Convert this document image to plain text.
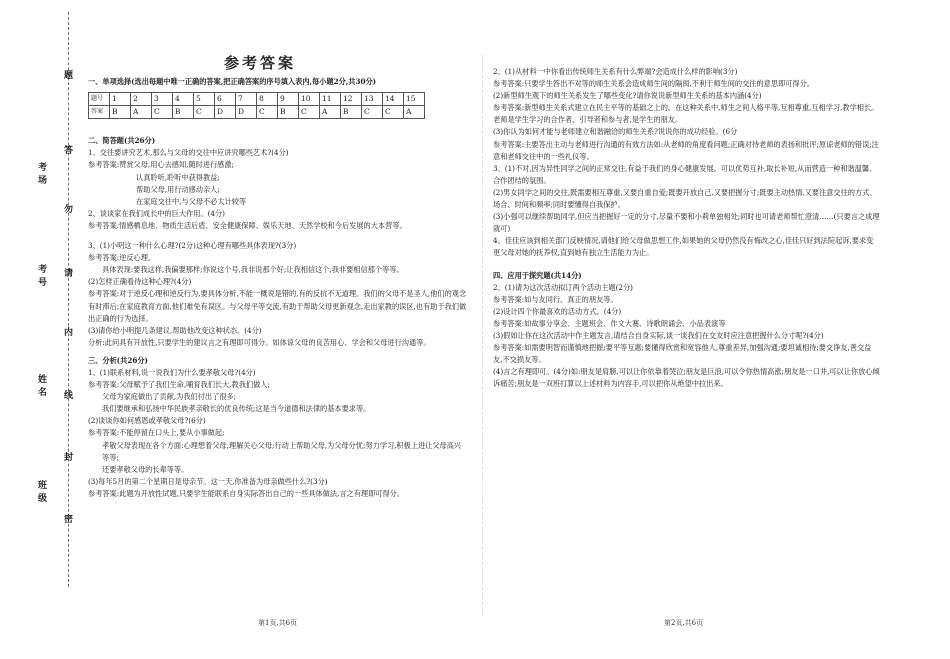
题
答
勿
请
内
线
封
密
考场
考号
姓名
班级
参考答案
一、单项选择(选出每题中唯一正确的答案,把正确答案的序号填入表内,每小题2分,共30分)
题号	1	2	3	4	5	6	7	8	9	10	11	12	13	14	15
答案	B	A	C	B	C	D	D	C	B	C	A	B	C	C	A
二、简答题(共26分)
1、交往要讲究艺术,那么与父母的交往中应讲究哪些艺术?(4分)
参考答案:赞赏父母,用心去感知,随时进行感激;
认真聆听,聆听中获得教益;
帮助父母,用行动感动亲人;
在家庭交往中,与父母不必太计较等
2、谈谈家在我们成长中的巨大作用。(4分)
参考答案:情感栖息地、物质生活后盾、安全健康保障、娱乐天地、天然学校和今后发展的大本营等。
3、(1)小明这一种什么心理?(2分)这种心理有哪些具体表现?(3分)
参考答案:逆反心理。
具体表现:要我这样,我偏要那样;你说这个号,我非说那个好;让我相信这个,我非要相信那个等等。
(2)怎样正确看待这种心理?(4分)
参考答案:对于逆反心理和逆反行为,要具体分析,不能一概说是错的,有的反抗不无道理。我们的父母不是圣人,他们的观念有时滞后;在家庭教育方面,他们难免有误区。与父母平等交流,有助于帮助父母更新观念,走出家教的误区,也有助于我们做出正确的行为选择。
(3)请你给小明提几条建议,帮助他改变这种状态。(4分)
分析:此问具有开放性,只要学生的建议言之有理即可得分。如体谅父母的良苦用心、学会和父母进行沟通等。
三、分析(共26分)
1、(1)联系材料,说一说我们为什么要孝敬父母?(4分)
参考答案:父母赋予了我们生命,哺育我们长大,教我们做人;
父母为家庭做出了贡献,为我们付出了很多;
我们要继承和弘扬中华民族孝亲敬长的优良传统;这是当今道德和法律的基本要求等。
(2)谈谈你如何感恩或孝敬父母?(6分)
参考答案:不能停留在口头上,要从小事做起;
孝敬父母表现在各个方面:心理想着父母,理解关心父母;行动上帮助父母,为父母分忧;努力学习,积极上进让父母高兴等等;
还要孝敬父母的长辈等等。
(3)每年5月的第二个星期日是母亲节。这一天,你准备为母亲做些什么?(3分)
参考答案:此题为开放性试题,只要学生能联系自身实际答出自己的一些具体做法,言之有理即可得分。
2、(1)从材料一中你看出传统师生关系有什么弊端?会造成什么样的影响(3分)
参考答案:只要学生答出不对等的师生关系会造成师生间的隔阂,不利于师生间的交往的意思即可得分。
(2)新型师生观下的师生关系发生了哪些变化?请你说说新型师生关系的基本内涵(4分)
参考答案:新型师生关系式建立在民主平等的基础之上的。在这种关系中,师生之间人格平等,互相尊重,互相学习,教学相长。老师是学生学习的合作者、引导者和参与者,是学生的朋友。
(3)你认为如何才能与老师建立和谐融洽的师生关系?说说你的成功经验。(6分
参考答案:主要答出主动与老师进行沟通的有效方法如:从老师的角度看问题;正确对待老师的表扬和批评;原谅老师的错误;注意和老师交往中的一些礼仪等。
3、(1)不对,因为异性同学之间的正常交往,有益于我们的身心健康发展。可以优势互补,取长补短,从而营造一种和谐温馨、合作团结的氛围。
(2)男女同学之间的交往,既需要相互尊重,又要自重自爱;既要开放自己,又要把握分寸;既要主动热情,又要注意交往的方式、场合、时间和频率;同时要懂得自我保护。
(3)小强可以继续帮助同学,但应当把握好一定的分寸,尽量不要和小莉单独相处;同时也可请老师帮忙澄清……(只要言之成理就可)
4、佳佳应该到相关部门反映情况,请他们给父母做思想工作,如果她的父母仍然没有悔改之心,佳佳只好到法院起诉,要求变更父母对她的抚养权,直到她有独立生活能力为止。
四、应用于探究题(共14分)
2、(1)请为这次活动拟订两个活动主题(2分)
参考答案:如与友同行、真正的朋友等。
(2)设计四个你最喜欢的活动方式。(4分)
参考答案:如故事分享会、主题班会、作文大赛、诗歌朗诵会、小品表演等
(3)假如让你在这次活动中作主题发言,请结合自身实际,谈一谈我们在交友时应注意把握什么分寸呢?(4分)
参考答案:如需要明智而谨慎地把握;要平等互惠;要懂得欣赏和宽容他人,尊重差异,加强沟通;要坦诚相待;要交诤友,善交益友,不交损友等。
(4)言之有理即可。(4分)如:朋友是肩膀,可以让你依靠着哭泣;朋友是巨浪,可以令你热情高涨;朋友是一口井,可以让你放心倾诉痛苦;朋友是一双班打算以上述材料为内容手,可以把你从绝望中拉出来。
第1页,共6页	第2页,共6页
